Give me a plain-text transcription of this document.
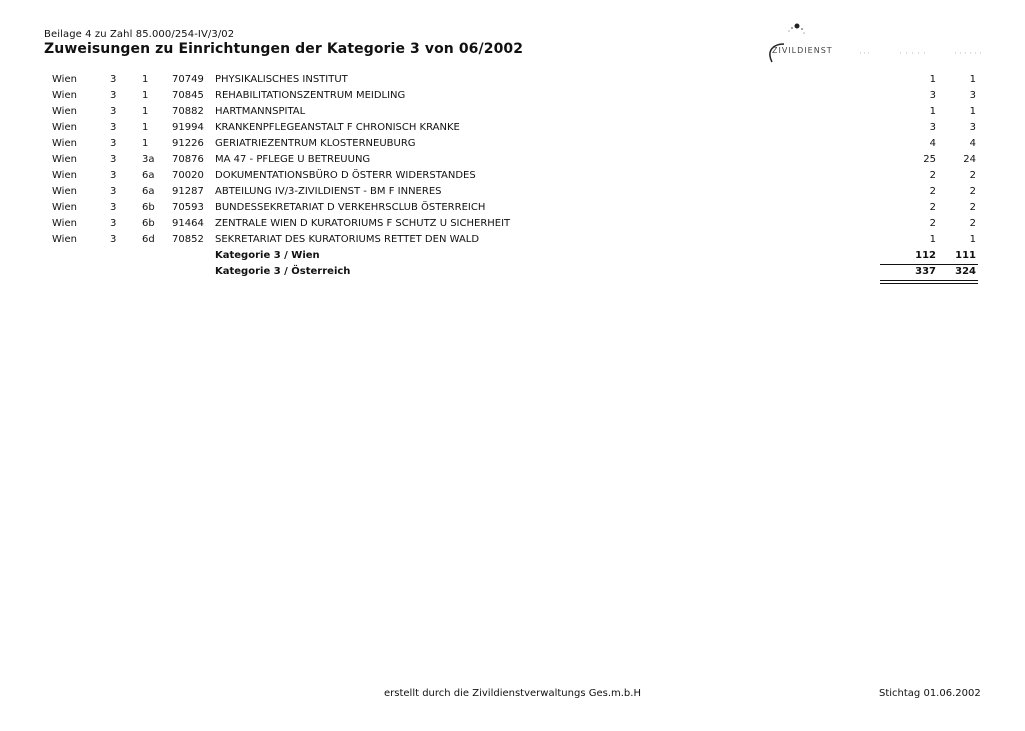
Beilage 4 zu Zahl 85.000/254-IV/3/02
Zuweisungen zu Einrichtungen der Kategorie 3 von 06/2002	ZIVILDIENST
Wien	3	1 70749 PHYSIKALISCHES INSTITUT	1	1
Wien	3	1 70845 REHABILITATIONSZENTRUM MEIDLING	3	3
Wien	3	1 70882 HARTMANNSPITAL	1	1
Wien	3	1 91994 KRANKENPFLEGEANSTALT F CHRONISCH KRANKE	3	3
Wien	3	1 91226 GERIATRIEZENTRUM KLOSTERNEUBURG	4	4
Wien	3	3a 70876 MA 47 - PFLEGE U BETREUUNG	25	24
Wien	3	6a 70020 DOKUMENTATIONSBÜRO D ÖSTERR WIDERSTANDES	2	2
Wien	3	6a 91287 ABTEILUNG IV/3-ZIVILDIENST - BM F INNERES	2	2
Wien	3	6b 70593 BUNDESSEKRETARIAT D VERKEHRSCLUB ÖSTERREICH	2	2
Wien	3	6b 91464 ZENTRALE WIEN D KURATORIUMS F SCHUTZ U SICHERHEIT	2	2
Wien	3	6d 70852 SEKRETARIAT DES KURATORIUMS RETTET DEN WALD	1	1
Kategorie 3 / Wien	112 111
Kategorie 3 / Österreich	337 324
erstellt durch die Zivildienstverwaltungs Ges.m.b.H	Stichtag 01.06.2002
